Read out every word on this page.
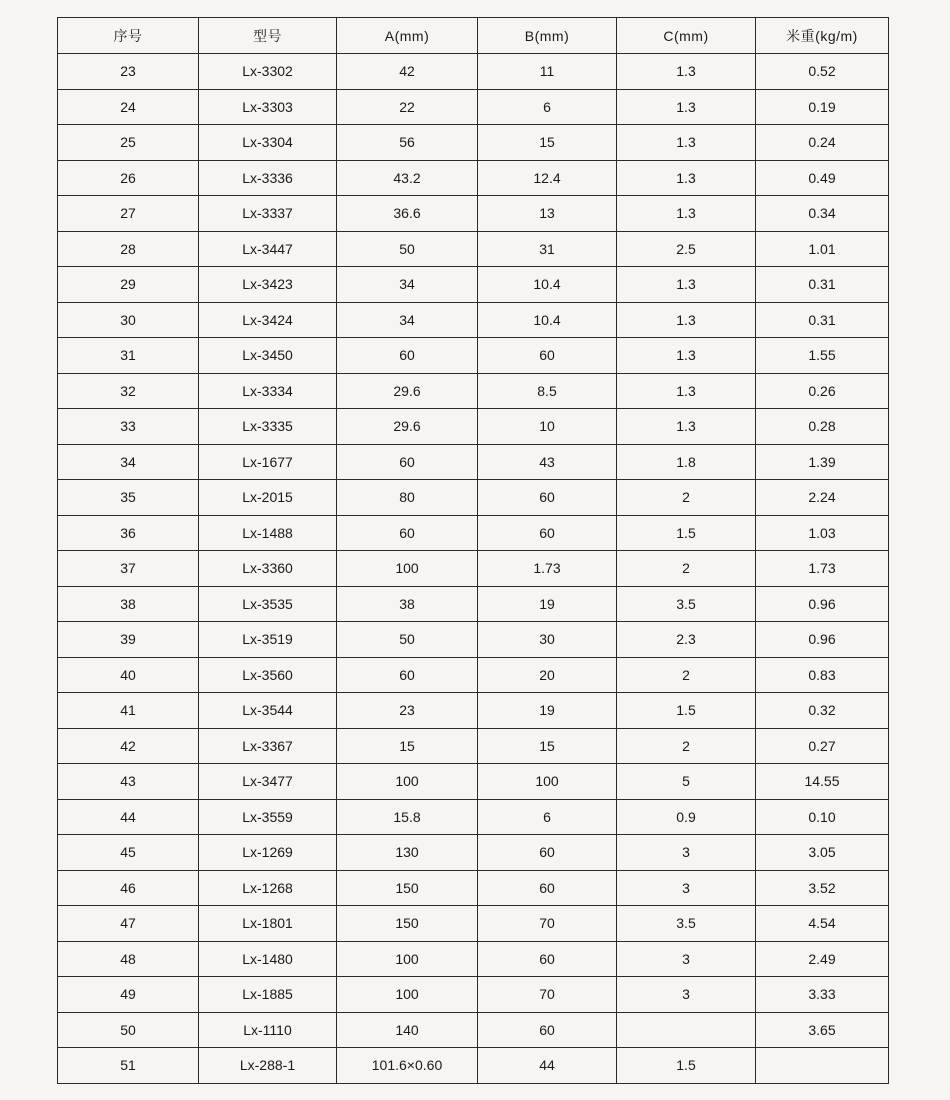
序号	型号	A(mm)	B(mm)	C(mm)	米重(kg/m)
23	Lx-3302	42	11	1.3	0.52
24	Lx-3303	22	6	1.3	0.19
25	Lx-3304	56	15	1.3	0.24
26	Lx-3336	43.2	12.4	1.3	0.49
27	Lx-3337	36.6	13	1.3	0.34
28	Lx-3447	50	31	2.5	1.01
29	Lx-3423	34	10.4	1.3	0.31
30	Lx-3424	34	10.4	1.3	0.31
31	Lx-3450	60	60	1.3	1.55
32	Lx-3334	29.6	8.5	1.3	0.26
33	Lx-3335	29.6	10	1.3	0.28
34	Lx-1677	60	43	1.8	1.39
35	Lx-2015	80	60	2	2.24
36	Lx-1488	60	60	1.5	1.03
37	Lx-3360	100	1.73	2	1.73
38	Lx-3535	38	19	3.5	0.96
39	Lx-3519	50	30	2.3	0.96
40	Lx-3560	60	20	2	0.83
41	Lx-3544	23	19	1.5	0.32
42	Lx-3367	15	15	2	0.27
43	Lx-3477	100	100	5	14.55
44	Lx-3559	15.8	6	0.9	0.10
45	Lx-1269	130	60	3	3.05
46	Lx-1268	150	60	3	3.52
47	Lx-1801	150	70	3.5	4.54
48	Lx-1480	100	60	3	2.49
49	Lx-1885	100	70	3	3.33
50	Lx-1110	140	60		3.65
51	Lx-288-1	101.6×0.60	44	1.5	
